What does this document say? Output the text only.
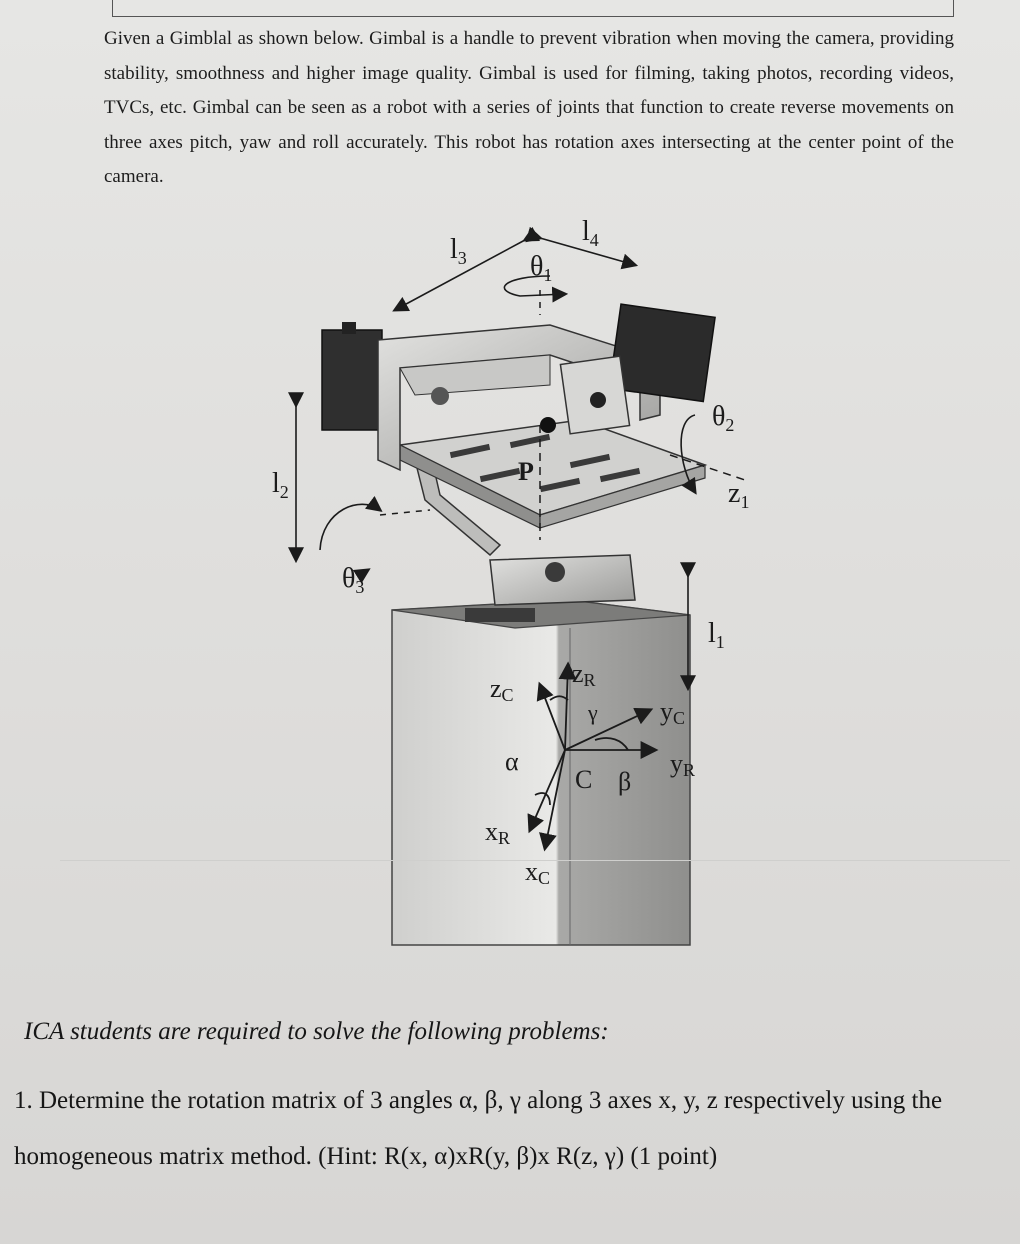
Given a Gimblal as shown below. Gimbal is a handle to prevent vibration when moving the camera, providing stability, smoothness and higher image quality. Gimbal is used for filming, taking photos, recording videos, TVCs, etc. Gimbal can be seen as a robot with a series of joints that function to create reverse movements on three axes pitch, yaw and roll accurately. This robot has rotation axes intersecting at the center point of the camera.

$l_3$
$l_4$
$\theta_1$
$\theta_2$
$z_1$
$l_2$
$\theta_3$
P
$l_1$
zC
zR
yC
yR
xR
xC
α
β
γ
C
ICA students are required to solve the following problems:
1. Determine the rotation matrix of 3 angles α, β, γ along 3 axes x, y, z respectively using the homogeneous matrix method. (Hint: R(x, α)xR(y, β)x R(z, γ) (1 point)
